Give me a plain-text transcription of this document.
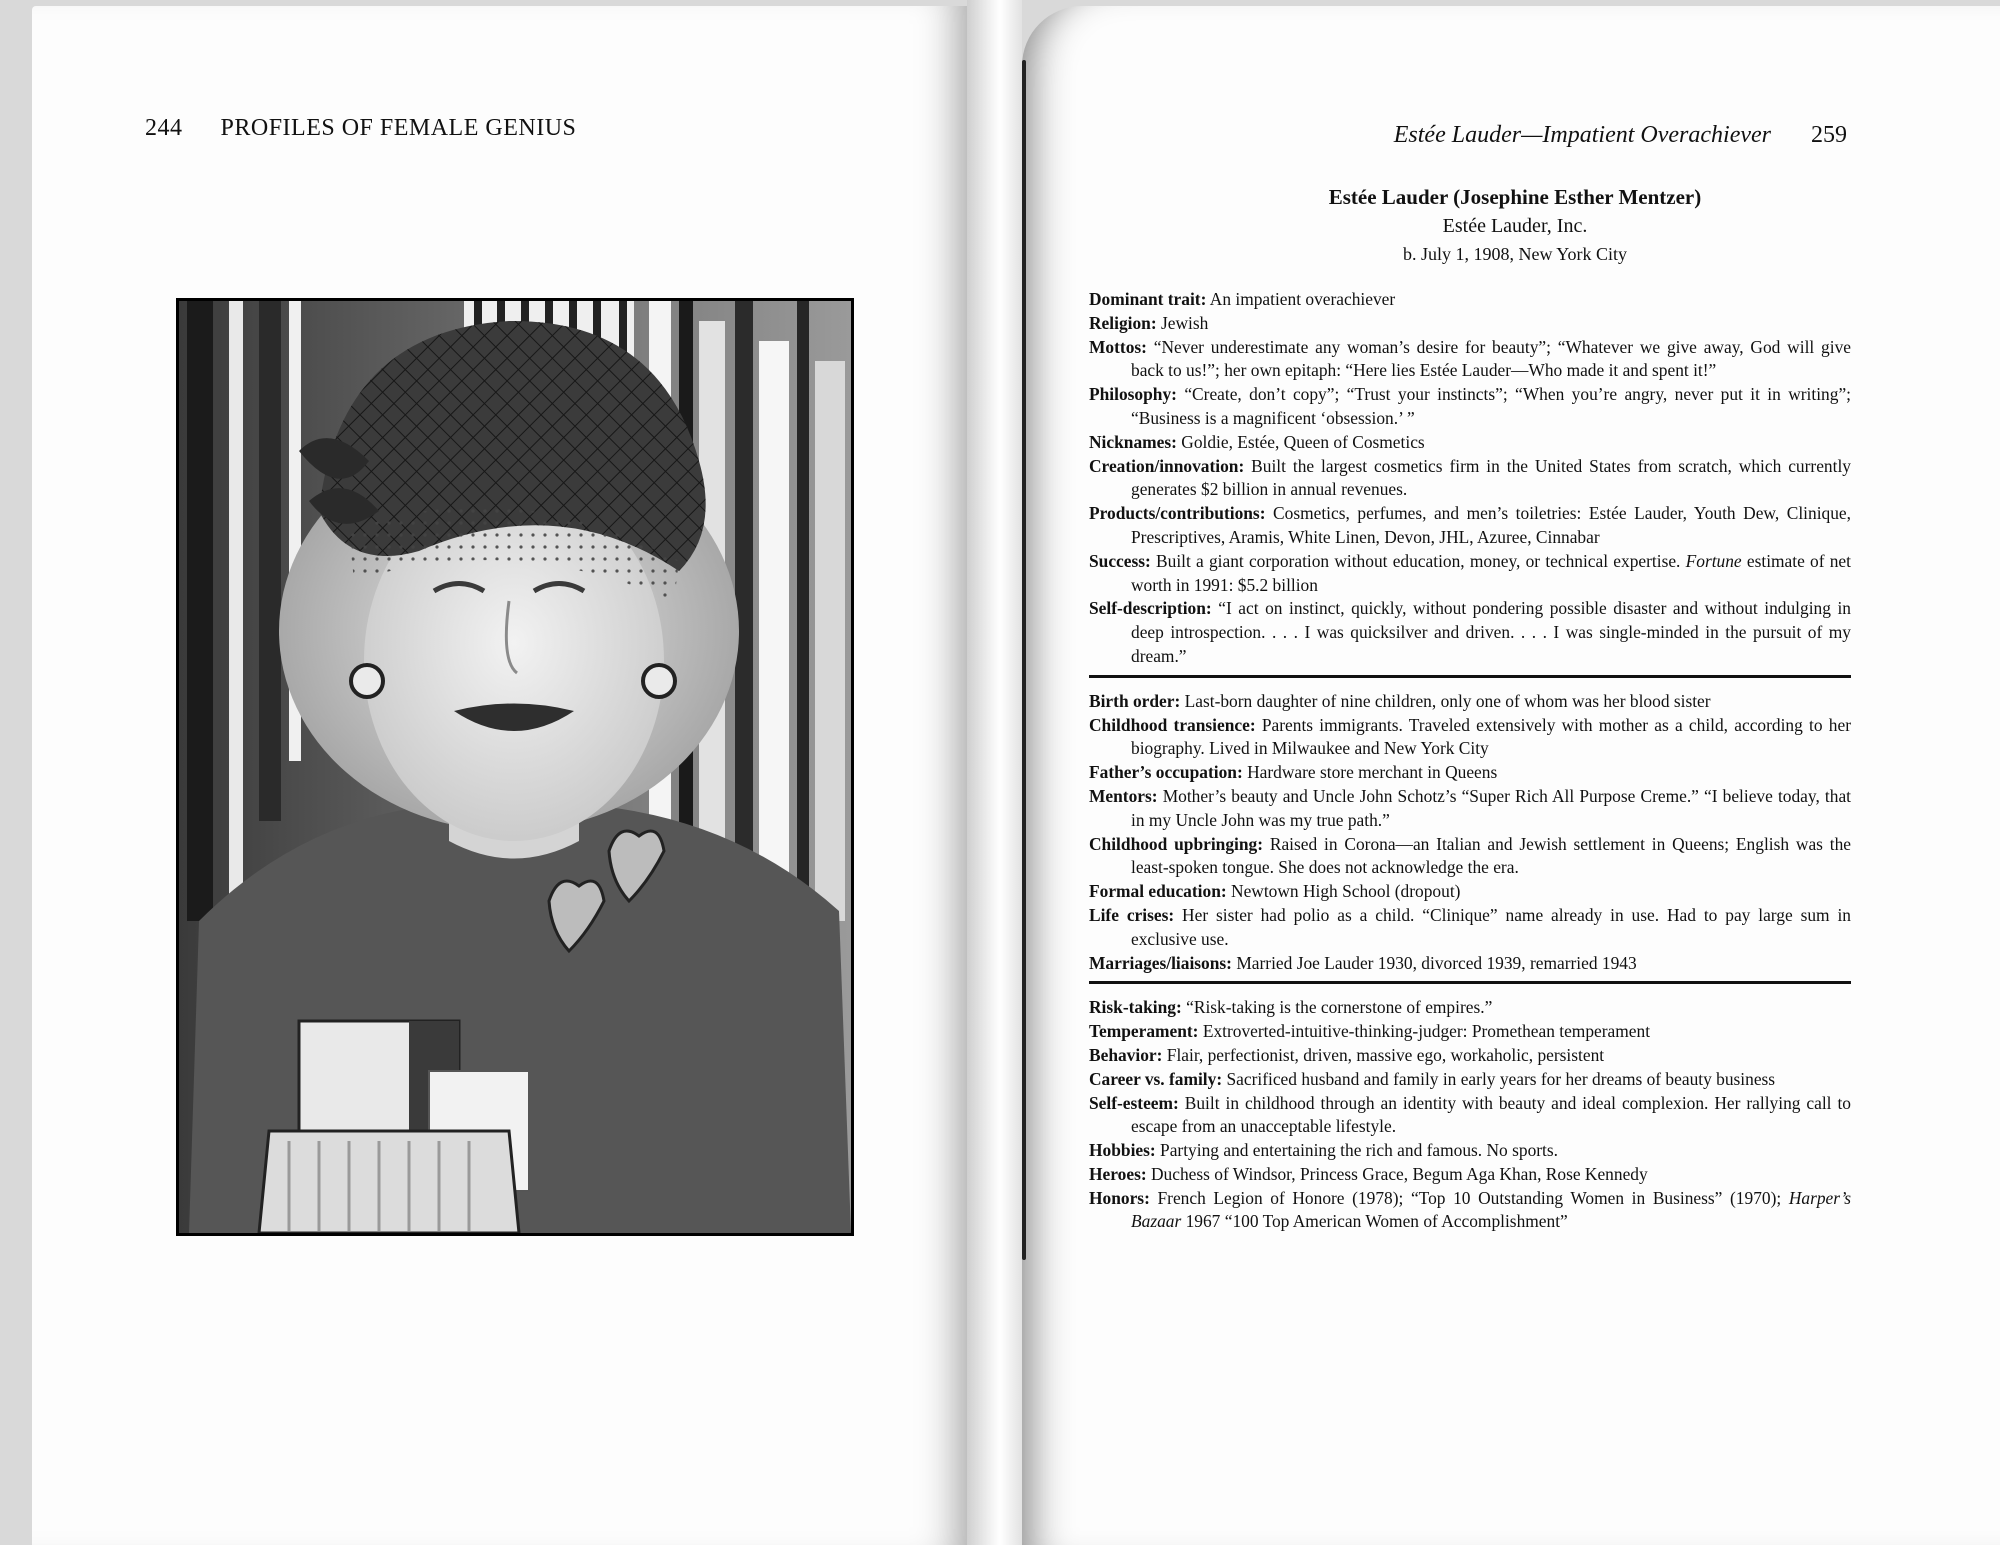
244 PROFILES OF FEMALE GENIUS	Estée Lauder—Impatient Overachiever 259
Estée Lauder (Josephine Esther Mentzer)
Estée Lauder, Inc.
b. July 1, 1908, New York City
Dominant trait: An impatient overachiever
Religion: Jewish
Mottos: “Never underestimate any woman’s desire for beauty”; “Whatever we give away, God will give back to us!”; her own epitaph: “Here lies Estée Lauder—Who made it and spent it!”
Philosophy: “Create, don’t copy”; “Trust your instincts”; “When you’re angry, never put it in writing”; “Business is a magnificent ‘obsession.’ ”
Nicknames: Goldie, Estée, Queen of Cosmetics
Creation/innovation: Built the largest cosmetics firm in the United States from scratch, which currently generates $2 billion in annual revenues.
Products/contributions: Cosmetics, perfumes, and men’s toiletries: Estée Lauder, Youth Dew, Clinique, Prescriptives, Aramis, White Linen, Devon, JHL, Azuree, Cinnabar
Success: Built a giant corporation without education, money, or technical expertise. Fortune estimate of net worth in 1991: $5.2 billion
Self-description: “I act on instinct, quickly, without pondering possible disaster and without indulging in deep introspection. . . . I was quicksilver and driven. . . . I was single-minded in the pursuit of my dream.”
Birth order: Last-born daughter of nine children, only one of whom was her blood sister
Childhood transience: Parents immigrants. Traveled extensively with mother as a child, according to her biography. Lived in Milwaukee and New York City
Father’s occupation: Hardware store merchant in Queens
Mentors: Mother’s beauty and Uncle John Schotz’s “Super Rich All Purpose Creme.” “I believe today, that in my Uncle John was my true path.”
Childhood upbringing: Raised in Corona—an Italian and Jewish settlement in Queens; English was the least-spoken tongue. She does not acknowledge the era.
Formal education: Newtown High School (dropout)
Life crises: Her sister had polio as a child. “Clinique” name already in use. Had to pay large sum in exclusive use.
Marriages/liaisons: Married Joe Lauder 1930, divorced 1939, remarried 1943
Risk-taking: “Risk-taking is the cornerstone of empires.”
Temperament: Extroverted-intuitive-thinking-judger: Promethean temperament
Behavior: Flair, perfectionist, driven, massive ego, workaholic, persistent
Career vs. family: Sacrificed husband and family in early years for her dreams of beauty business
Self-esteem: Built in childhood through an identity with beauty and ideal complexion. Her rallying call to escape from an unacceptable lifestyle.
Hobbies: Partying and entertaining the rich and famous. No sports.
Heroes: Duchess of Windsor, Princess Grace, Begum Aga Khan, Rose Kennedy
Honors: French Legion of Honore (1978); “Top 10 Outstanding Women in Business” (1970); Harper’s Bazaar 1967 “100 Top American Women of Accomplishment”
